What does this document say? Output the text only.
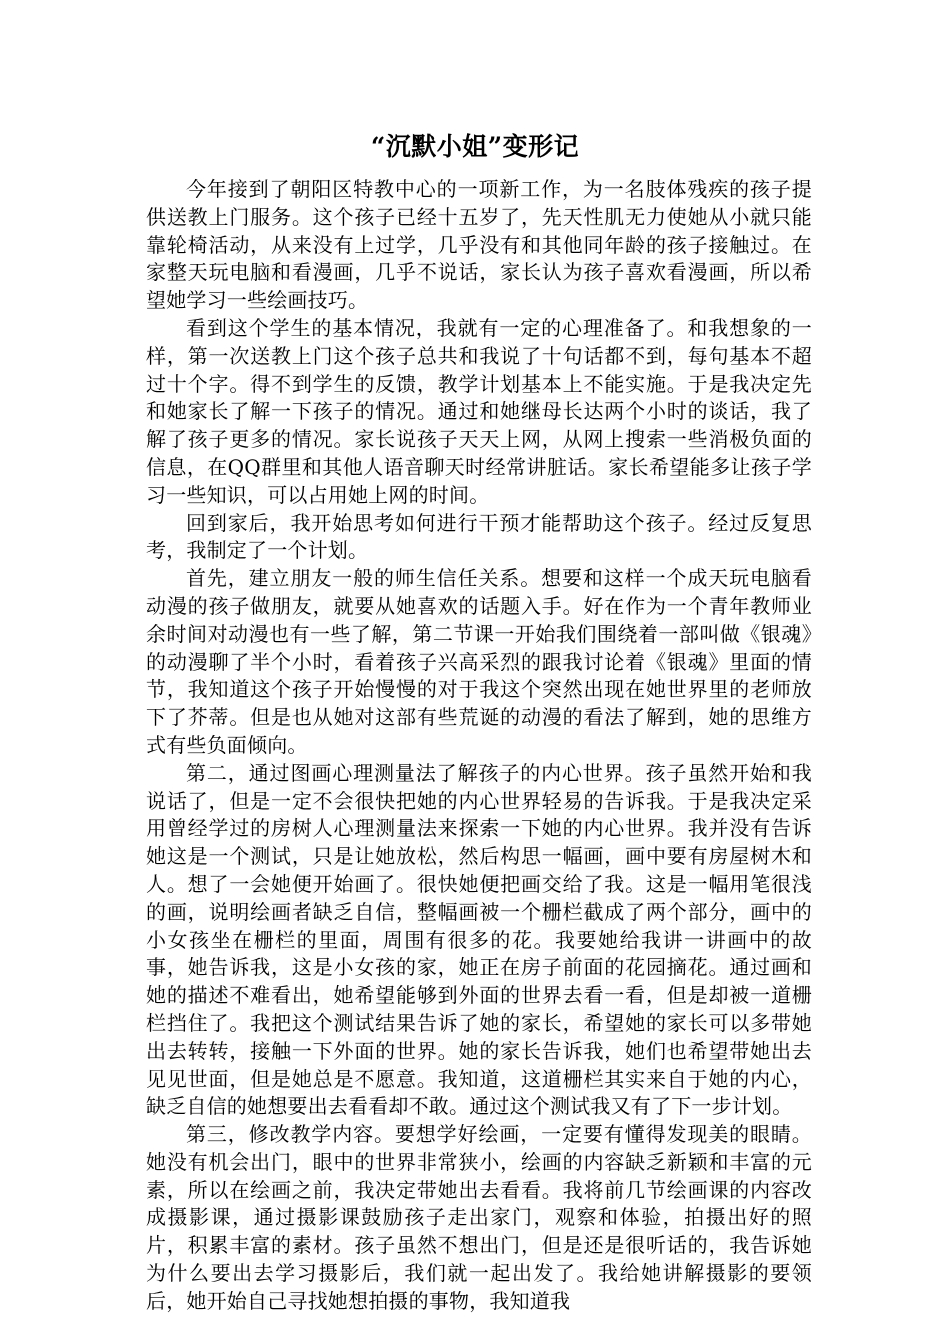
“沉默小姐”变形记

今年接到了朝阳区特教中心的一项新工作，为一名肢体残疾的孩子提供送教上门服务。这个孩子已经十五岁了，先天性肌无力使她从小就只能靠轮椅活动，从来没有上过学，几乎没有和其他同年龄的孩子接触过。在家整天玩电脑和看漫画，几乎不说话，家长认为孩子喜欢看漫画，所以希望她学习一些绘画技巧。

看到这个学生的基本情况，我就有一定的心理准备了。和我想象的一样，第一次送教上门这个孩子总共和我说了十句话都不到，每句基本不超过十个字。得不到学生的反馈，教学计划基本上不能实施。于是我决定先和她家长了解一下孩子的情况。通过和她继母长达两个小时的谈话，我了解了孩子更多的情况。家长说孩子天天上网，从网上搜索一些消极负面的信息，在QQ群里和其他人语音聊天时经常讲脏话。家长希望能多让孩子学习一些知识，可以占用她上网的时间。

回到家后，我开始思考如何进行干预才能帮助这个孩子。经过反复思考，我制定了一个计划。

首先，建立朋友一般的师生信任关系。想要和这样一个成天玩电脑看动漫的孩子做朋友，就要从她喜欢的话题入手。好在作为一个青年教师业余时间对动漫也有一些了解，第二节课一开始我们围绕着一部叫做《银魂》的动漫聊了半个小时，看着孩子兴高采烈的跟我讨论着《银魂》里面的情节，我知道这个孩子开始慢慢的对于我这个突然出现在她世界里的老师放下了芥蒂。但是也从她对这部有些荒诞的动漫的看法了解到，她的思维方式有些负面倾向。

第二，通过图画心理测量法了解孩子的内心世界。孩子虽然开始和我说话了，但是一定不会很快把她的内心世界轻易的告诉我。于是我决定采用曾经学过的房树人心理测量法来探索一下她的内心世界。我并没有告诉她这是一个测试，只是让她放松，然后构思一幅画，画中要有房屋树木和人。想了一会她便开始画了。很快她便把画交给了我。这是一幅用笔很浅的画，说明绘画者缺乏自信，整幅画被一个栅栏截成了两个部分，画中的小女孩坐在栅栏的里面，周围有很多的花。我要她给我讲一讲画中的故事，她告诉我，这是小女孩的家，她正在房子前面的花园摘花。通过画和她的描述不难看出，她希望能够到外面的世界去看一看，但是却被一道栅栏挡住了。我把这个测试结果告诉了她的家长，希望她的家长可以多带她出去转转，接触一下外面的世界。她的家长告诉我，她们也希望带她出去见见世面，但是她总是不愿意。我知道，这道栅栏其实来自于她的内心，缺乏自信的她想要出去看看却不敢。通过这个测试我又有了下一步计划。

第三，修改教学内容。要想学好绘画，一定要有懂得发现美的眼睛。她没有机会出门，眼中的世界非常狭小，绘画的内容缺乏新颖和丰富的元素，所以在绘画之前，我决定带她出去看看。我将前几节绘画课的内容改成摄影课，通过摄影课鼓励孩子走出家门，观察和体验，拍摄出好的照片，积累丰富的素材。孩子虽然不想出门，但是还是很听话的，我告诉她为什么要出去学习摄影后，我们就一起出发了。我给她讲解摄影的要领后，她开始自己寻找她想拍摄的事物，我知道我
